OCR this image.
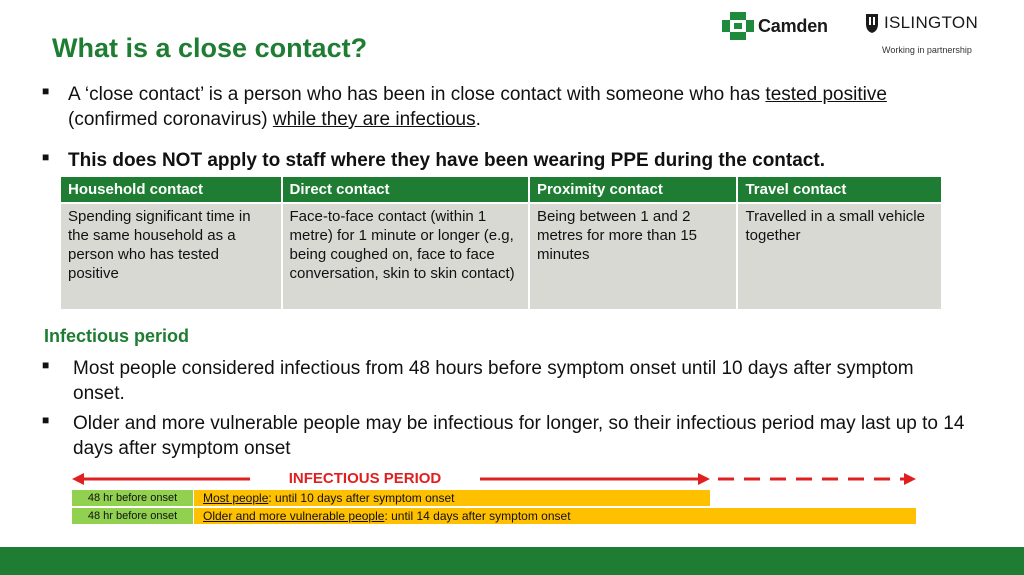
What is a close contact?
Camden	ISLINGTON
Working in partnership
■ A ‘close contact’ is a person who has been in close contact with someone who has tested positive
(confirmed coronavirus) while they are infectious.
■ This does NOT apply to staff where they have been wearing PPE during the contact.
Household contact	Direct contact	Proximity contact	Travel contact
Spending significant time in the same household as a person who has tested positive	Face-to-face contact (within 1 metre) for 1 minute or longer (e.g, being coughed on, face to face conversation, skin to skin contact)	Being between 1 and 2 metres for more than 15 minutes	Travelled in a small vehicle together
Infectious period
■ Most people considered infectious from 48 hours before symptom onset until 10 days after symptom onset.
■ Older and more vulnerable people may be infectious for longer, so their infectious period may last up to 14 days after symptom onset
INFECTIOUS PERIOD
48 hr before onset	Most people: until 10 days after symptom onset
48 hr before onset	Older and more vulnerable people: until 14 days after symptom onset
